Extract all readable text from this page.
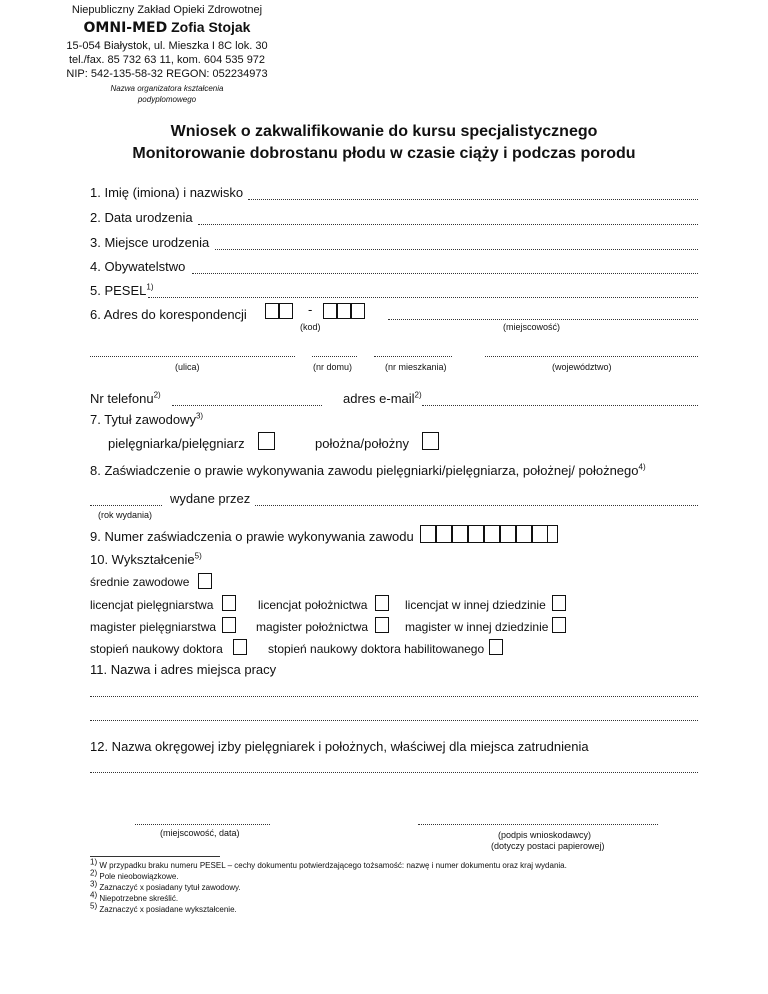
Niepubliczny Zakład Opieki Zdrowotnej
OMNI-MED Zofia Stojak
15-054 Białystok, ul. Mieszka I 8C lok. 30
tel./fax. 85 732 63 11, kom. 604 535 972
NIP: 542-135-58-32 REGON: 052234973
Nazwa organizatora kształcenia
podyplomowego
Wniosek o zakwalifikowanie do kursu specjalistycznego
Monitorowanie dobrostanu płodu w czasie ciąży i podczas porodu
1. Imię (imiona) i nazwisko
2. Data urodzenia
3. Miejsce urodzenia
4. Obywatelstwo
5. PESEL$^{1)}$
6. Adres do korespondencji	-
(kod)	(miejscowość)
(ulica)	(nr domu)	(nr mieszkania)	(województwo)
Nr telefonu$^{2)}$	adres e-mail$^{2)}$
7. Tytuł zawodowy$^{3)}$
pielęgniarka/pielęgniarz	położna/położny
8. Zaświadczenie o prawie wykonywania zawodu pielęgniarki/pielęgniarza, położnej/ położnego$^{4)}$
wydane przez
(rok wydania)
9. Numer zaświadczenia o prawie wykonywania zawodu
10. Wykształcenie$^{5)}$
średnie zawodowe
licencjat pielęgniarstwa	licencjat położnictwa	licencjat w innej dziedzinie
magister pielęgniarstwa	magister położnictwa	magister w innej dziedzinie
stopień naukowy doktora	stopień naukowy doktora habilitowanego
11. Nazwa i adres miejsca pracy
12. Nazwa okręgowej izby pielęgniarek i położnych, właściwej dla miejsca zatrudnienia
(miejscowość, data)	(podpis wnioskodawcy)
(dotyczy postaci papierowej)
$^{1)}$ W przypadku braku numeru PESEL – cechy dokumentu potwierdzającego tożsamość: nazwę i numer dokumentu oraz kraj wydania.
$^{2)}$ Pole nieobowiązkowe.
$^{3)}$ Zaznaczyć x posiadany tytuł zawodowy.
$^{4)}$ Niepotrzebne skreślić.
$^{5)}$ Zaznaczyć x posiadane wykształcenie.
